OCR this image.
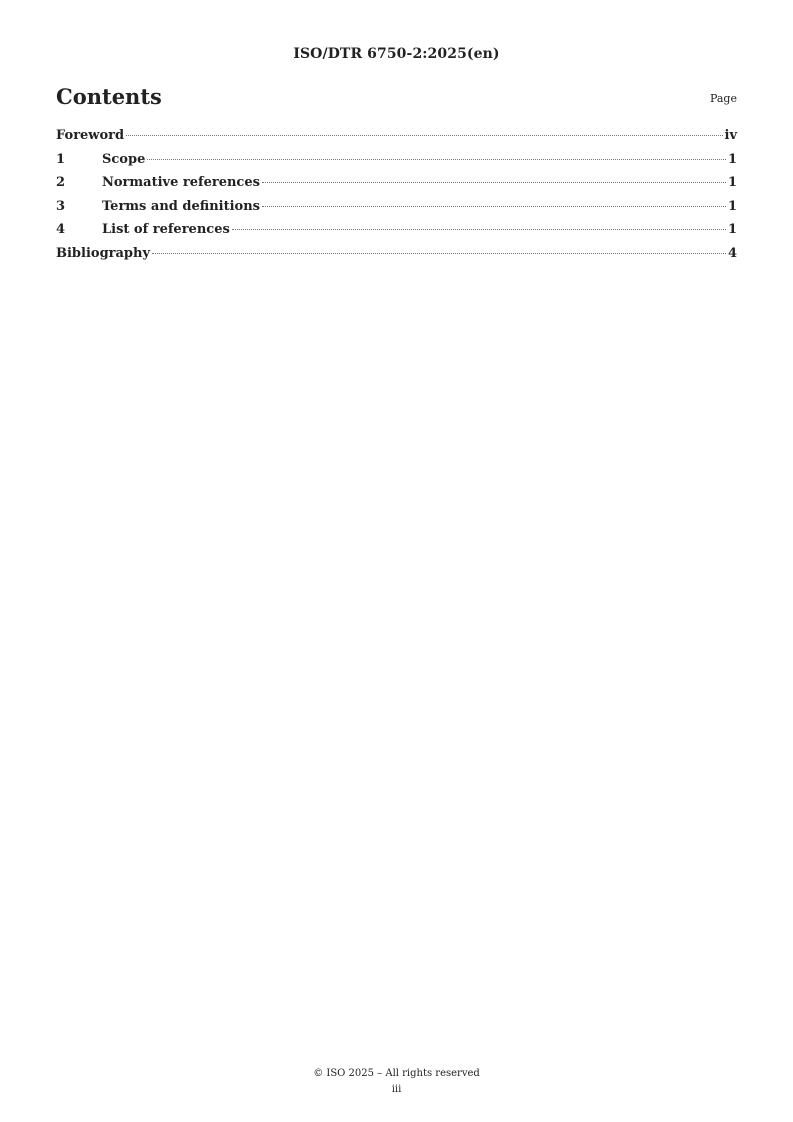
ISO/DTR 6750-2:2025(en)
Contents	Page
Foreword	iv
1	Scope	1
2	Normative references	1
3	Terms and definitions	1
4	List of references	1
Bibliography	4
© ISO 2025 – All rights reserved
iii
